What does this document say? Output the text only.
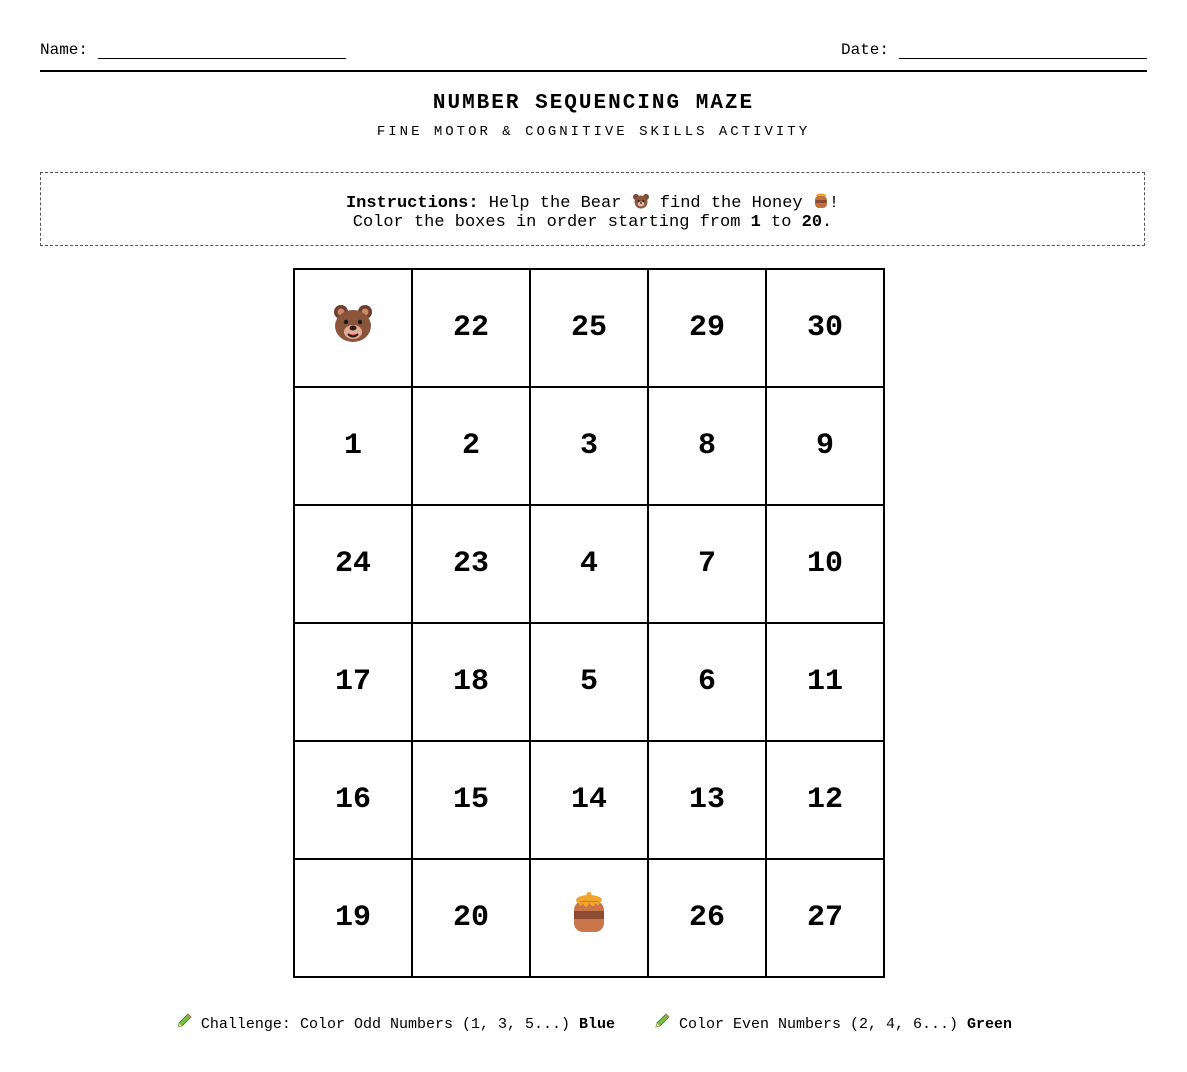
Name:	Date:
NUMBER SEQUENCING MAZE
FINE MOTOR & COGNITIVE SKILLS ACTIVITY
Instructions: Help the Bear  find the Honey !
Color the boxes in order starting from 1 to 20.
	22	25	29	30
1	2	3	8	9
24	23	4	7	10
17	18	5	6	11
16	15	14	13	12
19	20		26	27
Challenge: Color Odd Numbers (1, 3, 5...) Blue	Color Even Numbers (2, 4, 6...) Green
